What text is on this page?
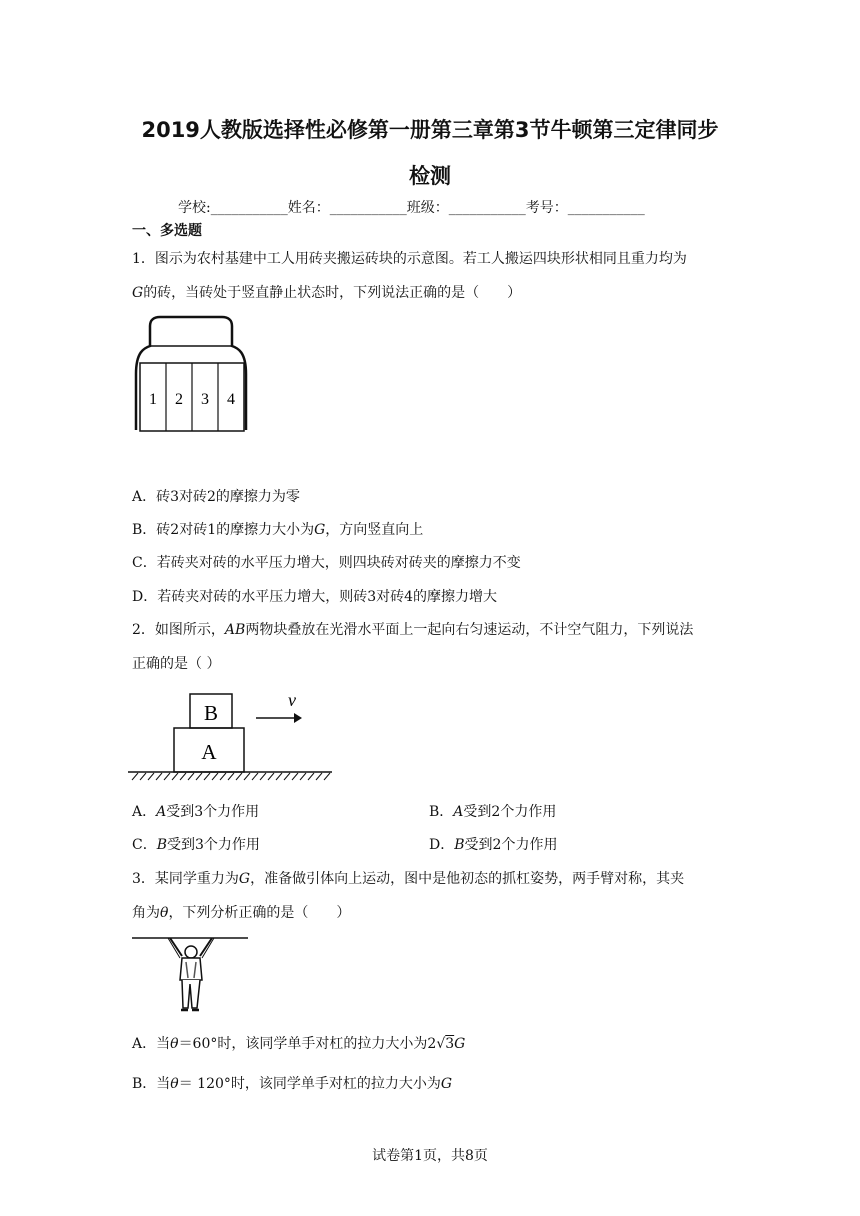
2019人教版选择性必修第一册第三章第3节牛顿第三定律同步
检测
学校:___________姓名：___________班级：___________考号：___________
一、多选题
1．图示为农村基建中工人用砖夹搬运砖块的示意图。若工人搬运四块形状相同且重力均为
G的砖，当砖处于竖直静止状态时，下列说法正确的是（　　）
1 2 3 4
A．砖3对砖2的摩擦力为零
B．砖2对砖1的摩擦力大小为G，方向竖直向上
C．若砖夹对砖的水平压力增大，则四块砖对砖夹的摩擦力不变
D．若砖夹对砖的水平压力增大，则砖3对砖4的摩擦力增大
2．如图所示，AB两物块叠放在光滑水平面上一起向右匀速运动，不计空气阻力，下列说法
正确的是（ ）
B
A
v
A．A受到3个力作用	B．A受到2个力作用
C．B受到3个力作用	D．B受到2个力作用
3．某同学重力为G，准备做引体向上运动，图中是他初态的抓杠姿势，两手臂对称，其夹
角为θ，下列分析正确的是（　　）
A．当θ＝60°时，该同学单手对杠的拉力大小为2√3G
B．当θ＝ 120°时，该同学单手对杠的拉力大小为G
试卷第1页，共8页
